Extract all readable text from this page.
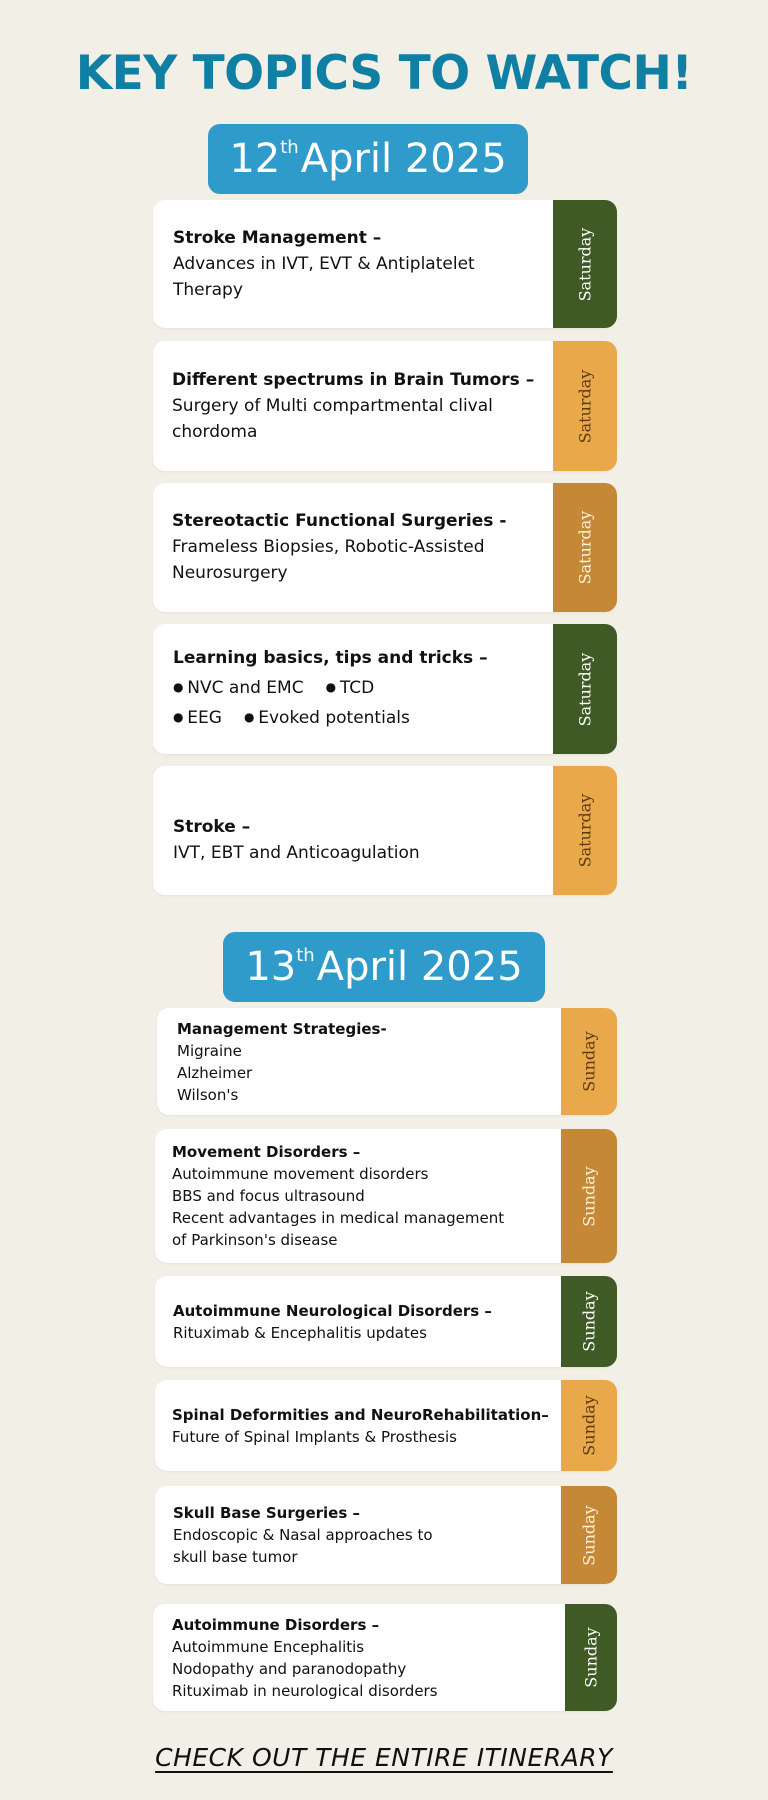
KEY TOPICS TO WATCH!
12th April 2025
Stroke Management –
Advances in IVT, EVT & Antiplatelet
Therapy	Saturday
Different spectrums in Brain Tumors –
Surgery of Multi compartmental clival
chordoma	Saturday
Stereotactic Functional Surgeries -
Frameless Biopsies, Robotic-Assisted
Neurosurgery	Saturday
Learning basics, tips and tricks –
● NVC and EMC	● TCD
● EEG	● Evoked potentials	Saturday
Stroke –
IVT, EBT and Anticoagulation	Saturday
13th April 2025
Management Strategies-
Migraine
Alzheimer
Wilson's
Sunday
Movement Disorders –
Autoimmune movement disorders
BBS and focus ultrasound
Recent advantages in medical management
of Parkinson's disease
Sunday
Autoimmune Neurological Disorders –
Rituximab & Encephalitis updates	Sunday
Spinal Deformities and NeuroRehabilitation–
Future of Spinal Implants & Prosthesis	Sunday
Skull Base Surgeries –
Endoscopic & Nasal approaches to
skull base tumor	Sunday
Autoimmune Disorders –
Autoimmune Encephalitis
Nodopathy and paranodopathy
Rituximab in neurological disorders
Sunday
CHECK OUT THE ENTIRE ITINERARY
